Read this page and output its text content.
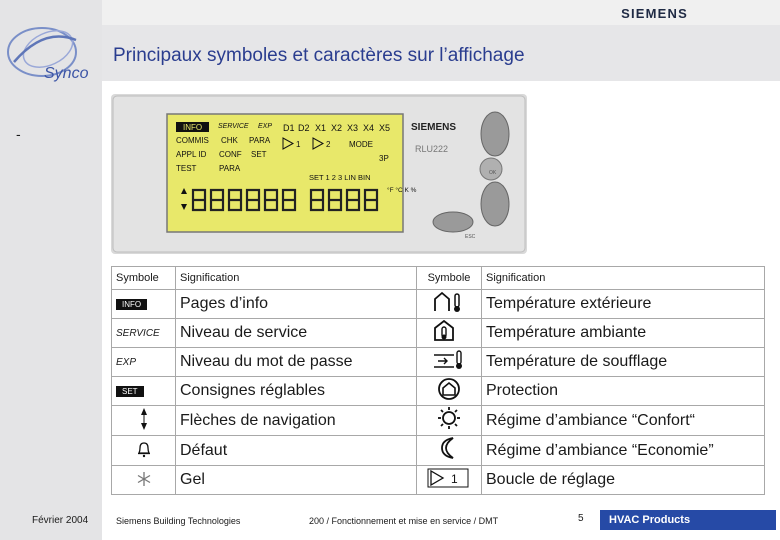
SIEMENS
Principaux symboles et caractères sur l’affichage
Synco
-	INFO
COMMIS
APPL ID
TEST
SERVICE EXP
CHK
CONF
PARA
PARA
SET
D1 D2 X1 X2 X3 X4 X5
1	2 MODE
3P
SET 1 2 3 LIN BIN
°F °C K %
SIEMENS
RLU222
OK
ESC
Symbole	Signification	Symbole	Signification
INFO	Pages d’info		Température extérieure
SERVICE	Niveau de service		Température ambiante
EXP	Niveau du mot de passe		Température de soufflage
SET	Consignes réglables		Protection
	Flèches de navigation		Régime d’ambiance “Confort“
	Défaut		Régime d’ambiance “Economie”
	Gel	1	Boucle de réglage
Février 2004	Siemens Building Technologies	200 / Fonctionnement et mise en service / DMT	5	HVAC Products
